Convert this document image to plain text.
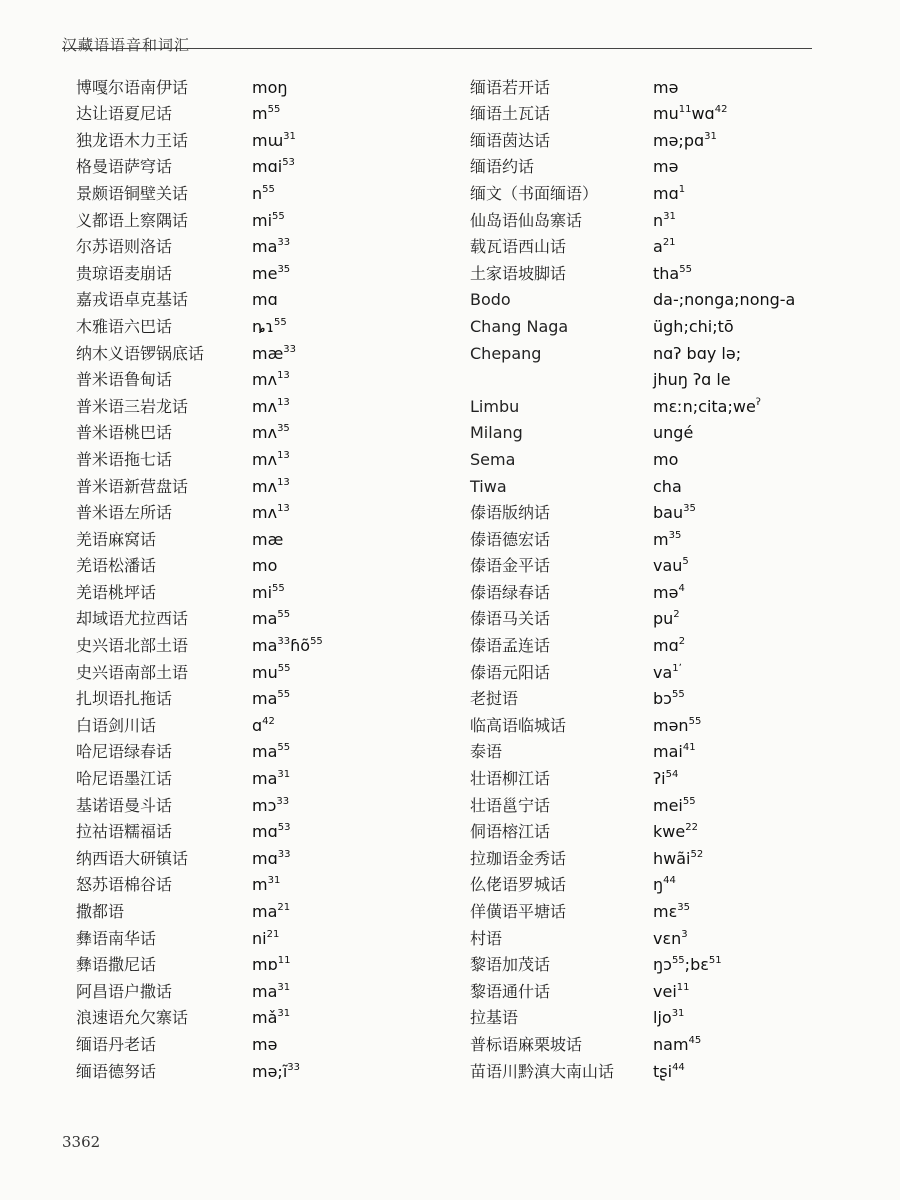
汉藏语语音和词汇
博嘎尔语南伊话	moŋ
达让语夏尼话	$m^{55}$
独龙语木力王话	mɯ$^{31}$
格曼语萨穹话	mɑi$^{53}$
景颇语铜壁关话	$n^{55}$
义都语上察隅话	$mi^{55}$
尔苏语则洛话	$ma^{33}$
贵琼语麦崩话	$me^{35}$
嘉戎语卓克基话	mɑ
木雅语六巴话	ȵɿ$^{55}$
纳木义语锣锅底话	$mæ^{33}$
普米语鲁甸话	mʌ$^{13}$
普米语三岩龙话	mʌ$^{13}$
普米语桃巴话	mʌ$^{35}$
普米语拖七话	mʌ$^{13}$
普米语新营盘话	mʌ$^{13}$
普米语左所话	mʌ$^{13}$
羌语麻窝话	mæ
羌语松潘话	mo
羌语桃坪话	$mi^{55}$
却域语尤拉西话	$ma^{55}$
史兴语北部土语	$ma^{33}ɦõ^{55}$
史兴语南部土语	$mu^{55}$
扎坝语扎拖话	$ma^{55}$
白语剑川话	ɑ$^{42}$
哈尼语绿春话	$ma^{55}$
哈尼语墨江话	$ma^{31}$
基诺语曼斗话	mɔ$^{33}$
拉祜语糯福话	mɑ$^{53}$
纳西语大研镇话	mɑ$^{33}$
怒苏语棉谷话	$m^{31}$
撒都语	$ma^{21}$
彝语南华话	$ni^{21}$
彝语撒尼话	mɒ$^{11}$
阿昌语户撒话	$ma^{31}$
浪速语允欠寨话	$mǎ^{31}$
缅语丹老话	mə
缅语德努话	$mə;ĩ^{33}$
缅语若开话	mə
缅语土瓦话	$mu^{11}wɑ^{42}$
缅语茵达话	mə;pɑ$^{31}$
缅语约话	mə
缅文（书面缅语）	mɑ$^1$
仙岛语仙岛寨话	$n^{31}$
载瓦语西山话	$a^{21}$
土家语坡脚话	tha$^{55}$
Bodo	da-;nonga;nong-a
Chang Naga	ügh;chi;tō
Chepang	nɑʔ bɑy lə;
jhuŋ ʔɑ le
Limbu	$mɛːn;cita;we^ʔ$
Milang	ungé
Sema	mo
Tiwa	cha
傣语版纳话	bau$^{35}$
傣语德宏话	$m^{35}$
傣语金平话	vau$^5$
傣语绿春话	mə$^4$
傣语马关话	$pu^2$
傣语孟连话	mɑ$^2$
傣语元阳话	$va^{1ʼ}$
老挝语	bɔ$^{55}$
临高语临城话	mən$^{55}$
泰语	mai$^{41}$
壮语柳江话	ʔi$^{54}$
壮语邕宁话	mei$^{55}$
侗语榕江话	kwe$^{22}$
拉珈语金秀话	hwãi$^{52}$
仫佬语罗城话	$ŋ^{44}$
佯僙语平塘话	mɛ$^{35}$
村语	vɛn$^3$
黎语加茂话	ŋɔ$^{55}$;bɛ$^{51}$
黎语通什话	vei$^{11}$
拉基语	ljo$^{31}$
普标语麻栗坡话	nam$^{45}$
苗语川黔滇大南山话	tʂi$^{44}$
3362
